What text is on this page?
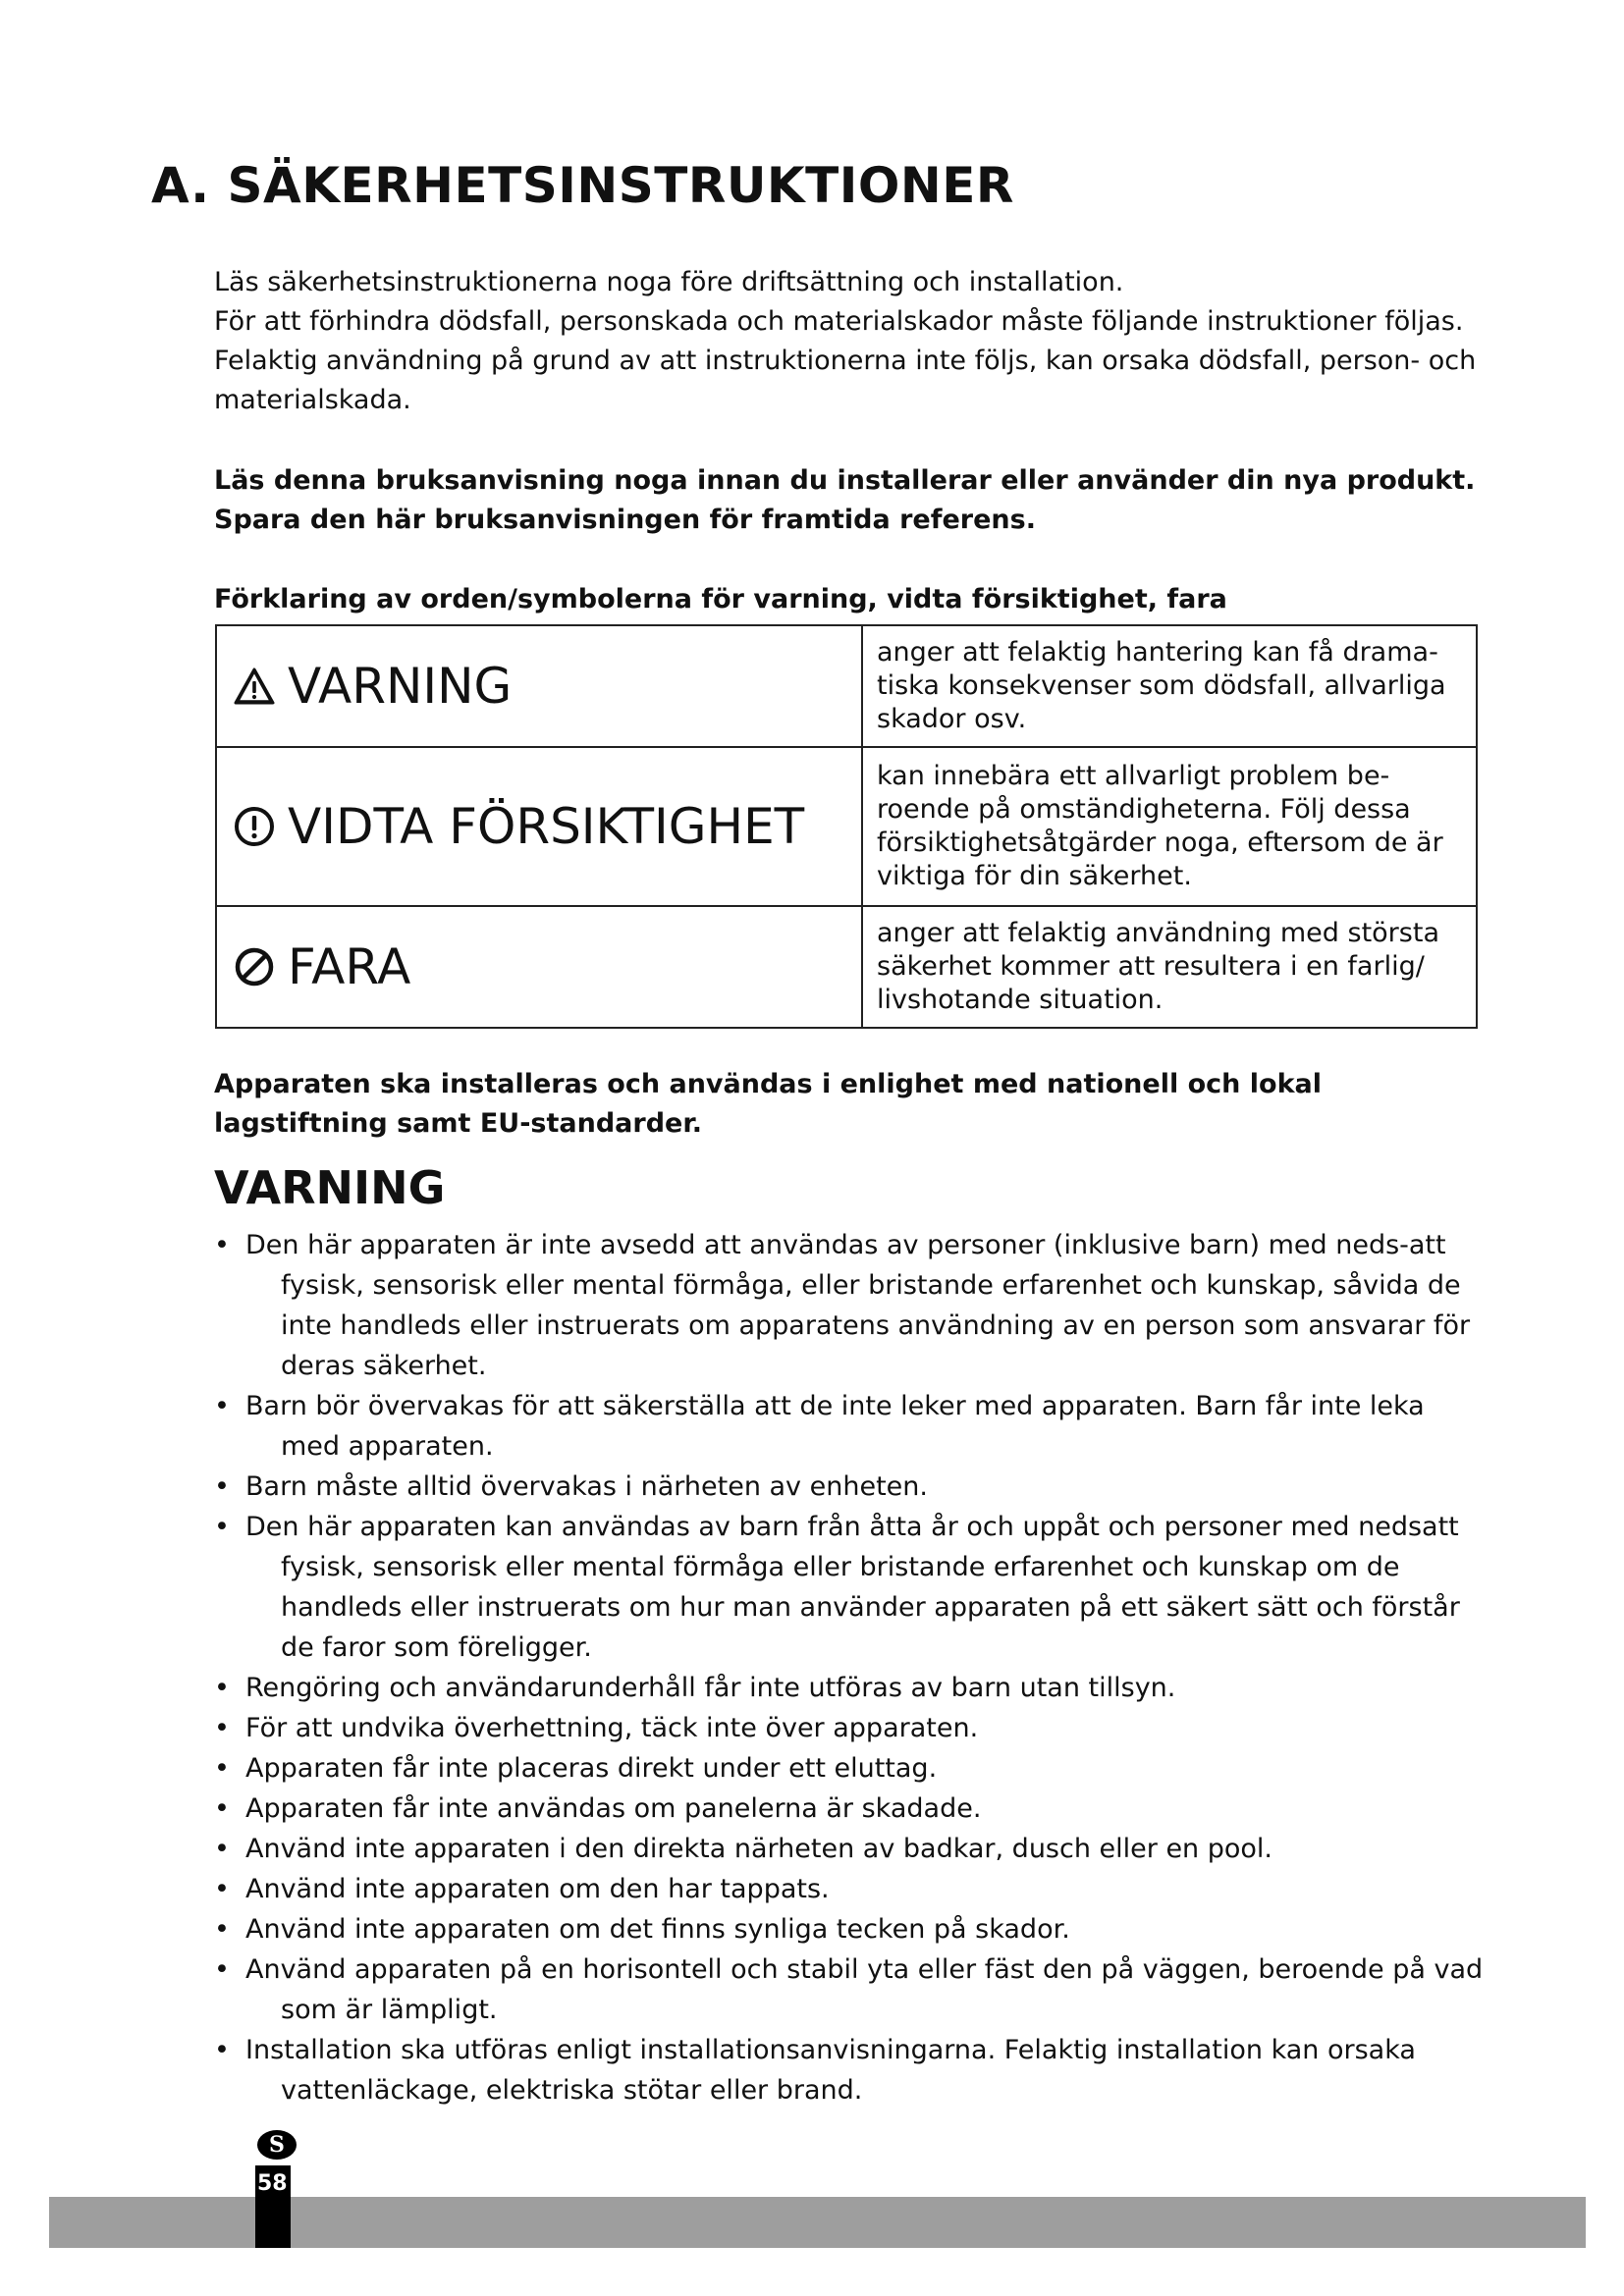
A. SÄKERHETSINSTRUKTIONER

Läs säkerhetsinstruktionerna noga före driftsättning och installation.

För att förhindra dödsfall, personskada och materialskador måste följande instruktioner följas. Felaktig användning på grund av att instruktionerna inte följs, kan orsaka dödsfall, person- och materialskada.

Läs denna bruksanvisning noga innan du installerar eller använder din nya produkt. Spara den här bruksanvisningen för framtida referens.

Förklaring av orden/symbolerna för varning, vidta försiktighet, fara

VARNING	anger att felaktig hantering kan få drama-tiska konsekvenser som dödsfall, allvarliga skador osv.

VIDTA FÖRSIKTIGHET	kan innebära ett allvarligt problem be-roende på omständigheterna. Följ dessa försiktighetsåtgärder noga, eftersom de är viktiga för din säkerhet.

FARA	anger att felaktig användning med största säkerhet kommer att resultera i en farlig/ livshotande situation.

Apparaten ska installeras och användas i enlighet med nationell och lokal lagstiftning samt EU-standarder.

VARNING
• Den här apparaten är inte avsedd att användas av personer (inklusive barn) med neds-att fysisk, sensorisk eller mental förmåga, eller bristande erfarenhet och kunskap, såvida de inte handleds eller instruerats om apparatens användning av en person som ansvarar för deras säkerhet.
• Barn bör övervakas för att säkerställa att de inte leker med apparaten. Barn får inte leka med apparaten.
• Barn måste alltid övervakas i närheten av enheten.
• Den här apparaten kan användas av barn från åtta år och uppåt och personer med nedsatt fysisk, sensorisk eller mental förmåga eller bristande erfarenhet och kunskap om de handleds eller instruerats om hur man använder apparaten på ett säkert sätt och förstår de faror som föreligger.
• Rengöring och användarunderhåll får inte utföras av barn utan tillsyn.
• För att undvika överhettning, täck inte över apparaten.
• Apparaten får inte placeras direkt under ett eluttag.
• Apparaten får inte användas om panelerna är skadade.
• Använd inte apparaten i den direkta närheten av badkar, dusch eller en pool.
• Använd inte apparaten om den har tappats.
• Använd inte apparaten om det finns synliga tecken på skador.
• Använd apparaten på en horisontell och stabil yta eller fäst den på väggen, beroende på vad som är lämpligt.
• Installation ska utföras enligt installationsanvisningarna. Felaktig installation kan orsaka vattenläckage, elektriska stötar eller brand.
S
58
